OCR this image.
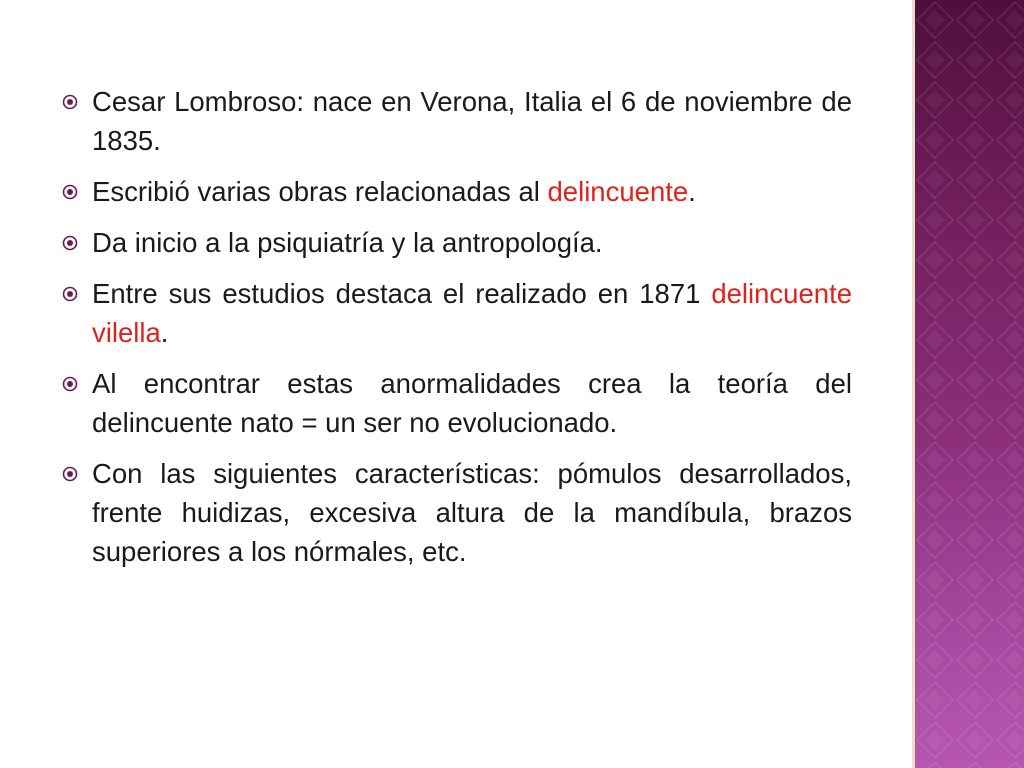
Cesar Lombroso: nace en Verona, Italia el 6 de noviembre de 1835.
Escribió varias obras relacionadas al delincuente.
Da inicio a la psiquiatría y la antropología.
Entre sus estudios destaca el realizado en 1871 delincuente vilella.
Al encontrar estas anormalidades crea la teoría del delincuente nato = un ser no evolucionado.
Con las siguientes características: pómulos desarrollados, frente huidizas, excesiva altura de la mandíbula, brazos superiores a los nórmales, etc.
